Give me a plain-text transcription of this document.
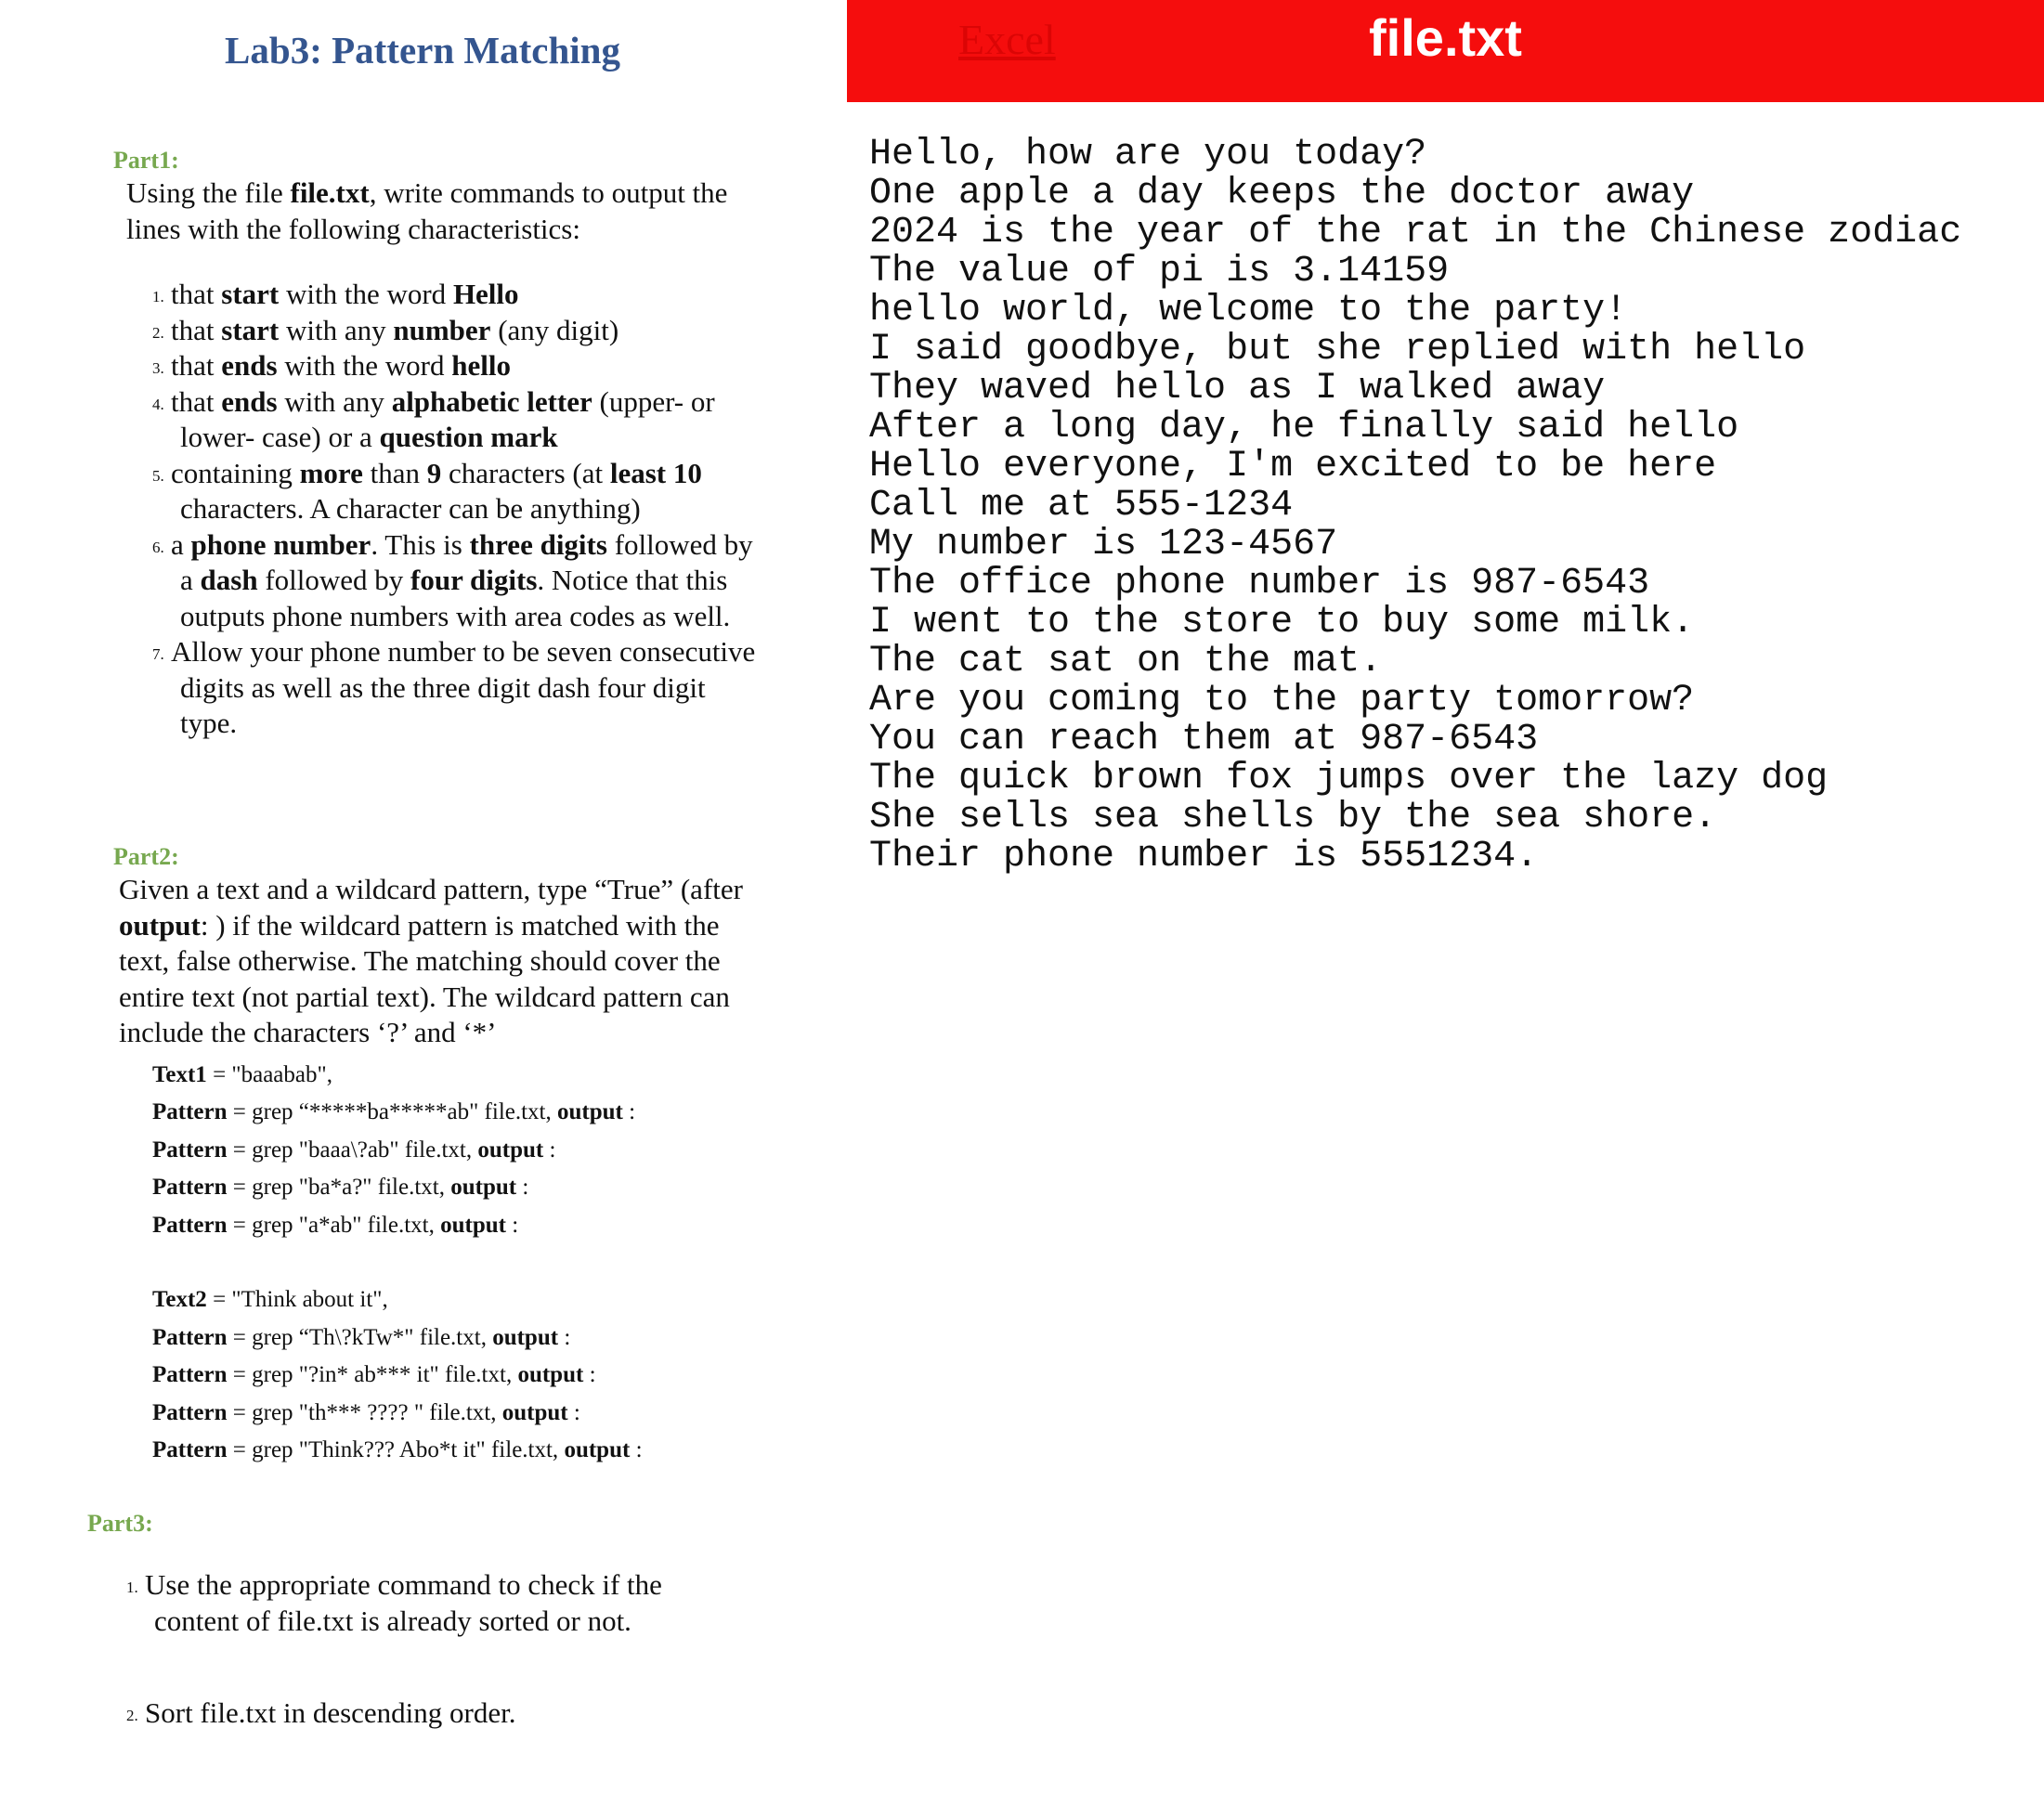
Lab3: Pattern Matching
Part1:
Using the file file.txt, write commands to output the lines with the following characteristics:
1. that start with the word Hello
2. that start with any number (any digit)
3. that ends with the word hello
4. that ends with any alphabetic letter (upper- or lower- case) or a question mark
5. containing more than 9 characters (at least 10 characters. A character can be anything)
6. a phone number. This is three digits followed by a dash followed by four digits. Notice that this outputs phone numbers with area codes as well.
7. Allow your phone number to be seven consecutive digits as well as the three digit dash four digit type.
Part2:
Given a text and a wildcard pattern, type “True” (after output: ) if the wildcard pattern is matched with the text, false otherwise. The matching should cover the entire text (not partial text). The wildcard pattern can include the characters ‘?’ and ‘*’
Text1 = "baaabab",
Pattern = grep “*****ba*****ab" file.txt, output :
Pattern = grep "baaa\?ab" file.txt, output :
Pattern = grep "ba*a?" file.txt, output :
Pattern = grep "a*ab" file.txt, output :
Text2 = "Think about it",
Pattern = grep “Th\?kTw*" file.txt, output :
Pattern = grep "?in* ab*** it" file.txt, output :
Pattern = grep "th*** ???? " file.txt, output :
Pattern = grep "Think??? Abo*t it" file.txt, output :
Part3:
1. Use the appropriate command to check if the content of file.txt is already sorted or not.
2. Sort file.txt in descending order.
Excel	file.txt
Hello, how are you today?
One apple a day keeps the doctor away
2024 is the year of the rat in the Chinese zodiac
The value of pi is 3.14159
hello world, welcome to the party!
I said goodbye, but she replied with hello
They waved hello as I walked away
After a long day, he finally said hello
Hello everyone, I'm excited to be here
Call me at 555-1234
My number is 123-4567
The office phone number is 987-6543
I went to the store to buy some milk.
The cat sat on the mat.
Are you coming to the party tomorrow?
You can reach them at 987-6543
The quick brown fox jumps over the lazy dog
She sells sea shells by the sea shore.
Their phone number is 5551234.
